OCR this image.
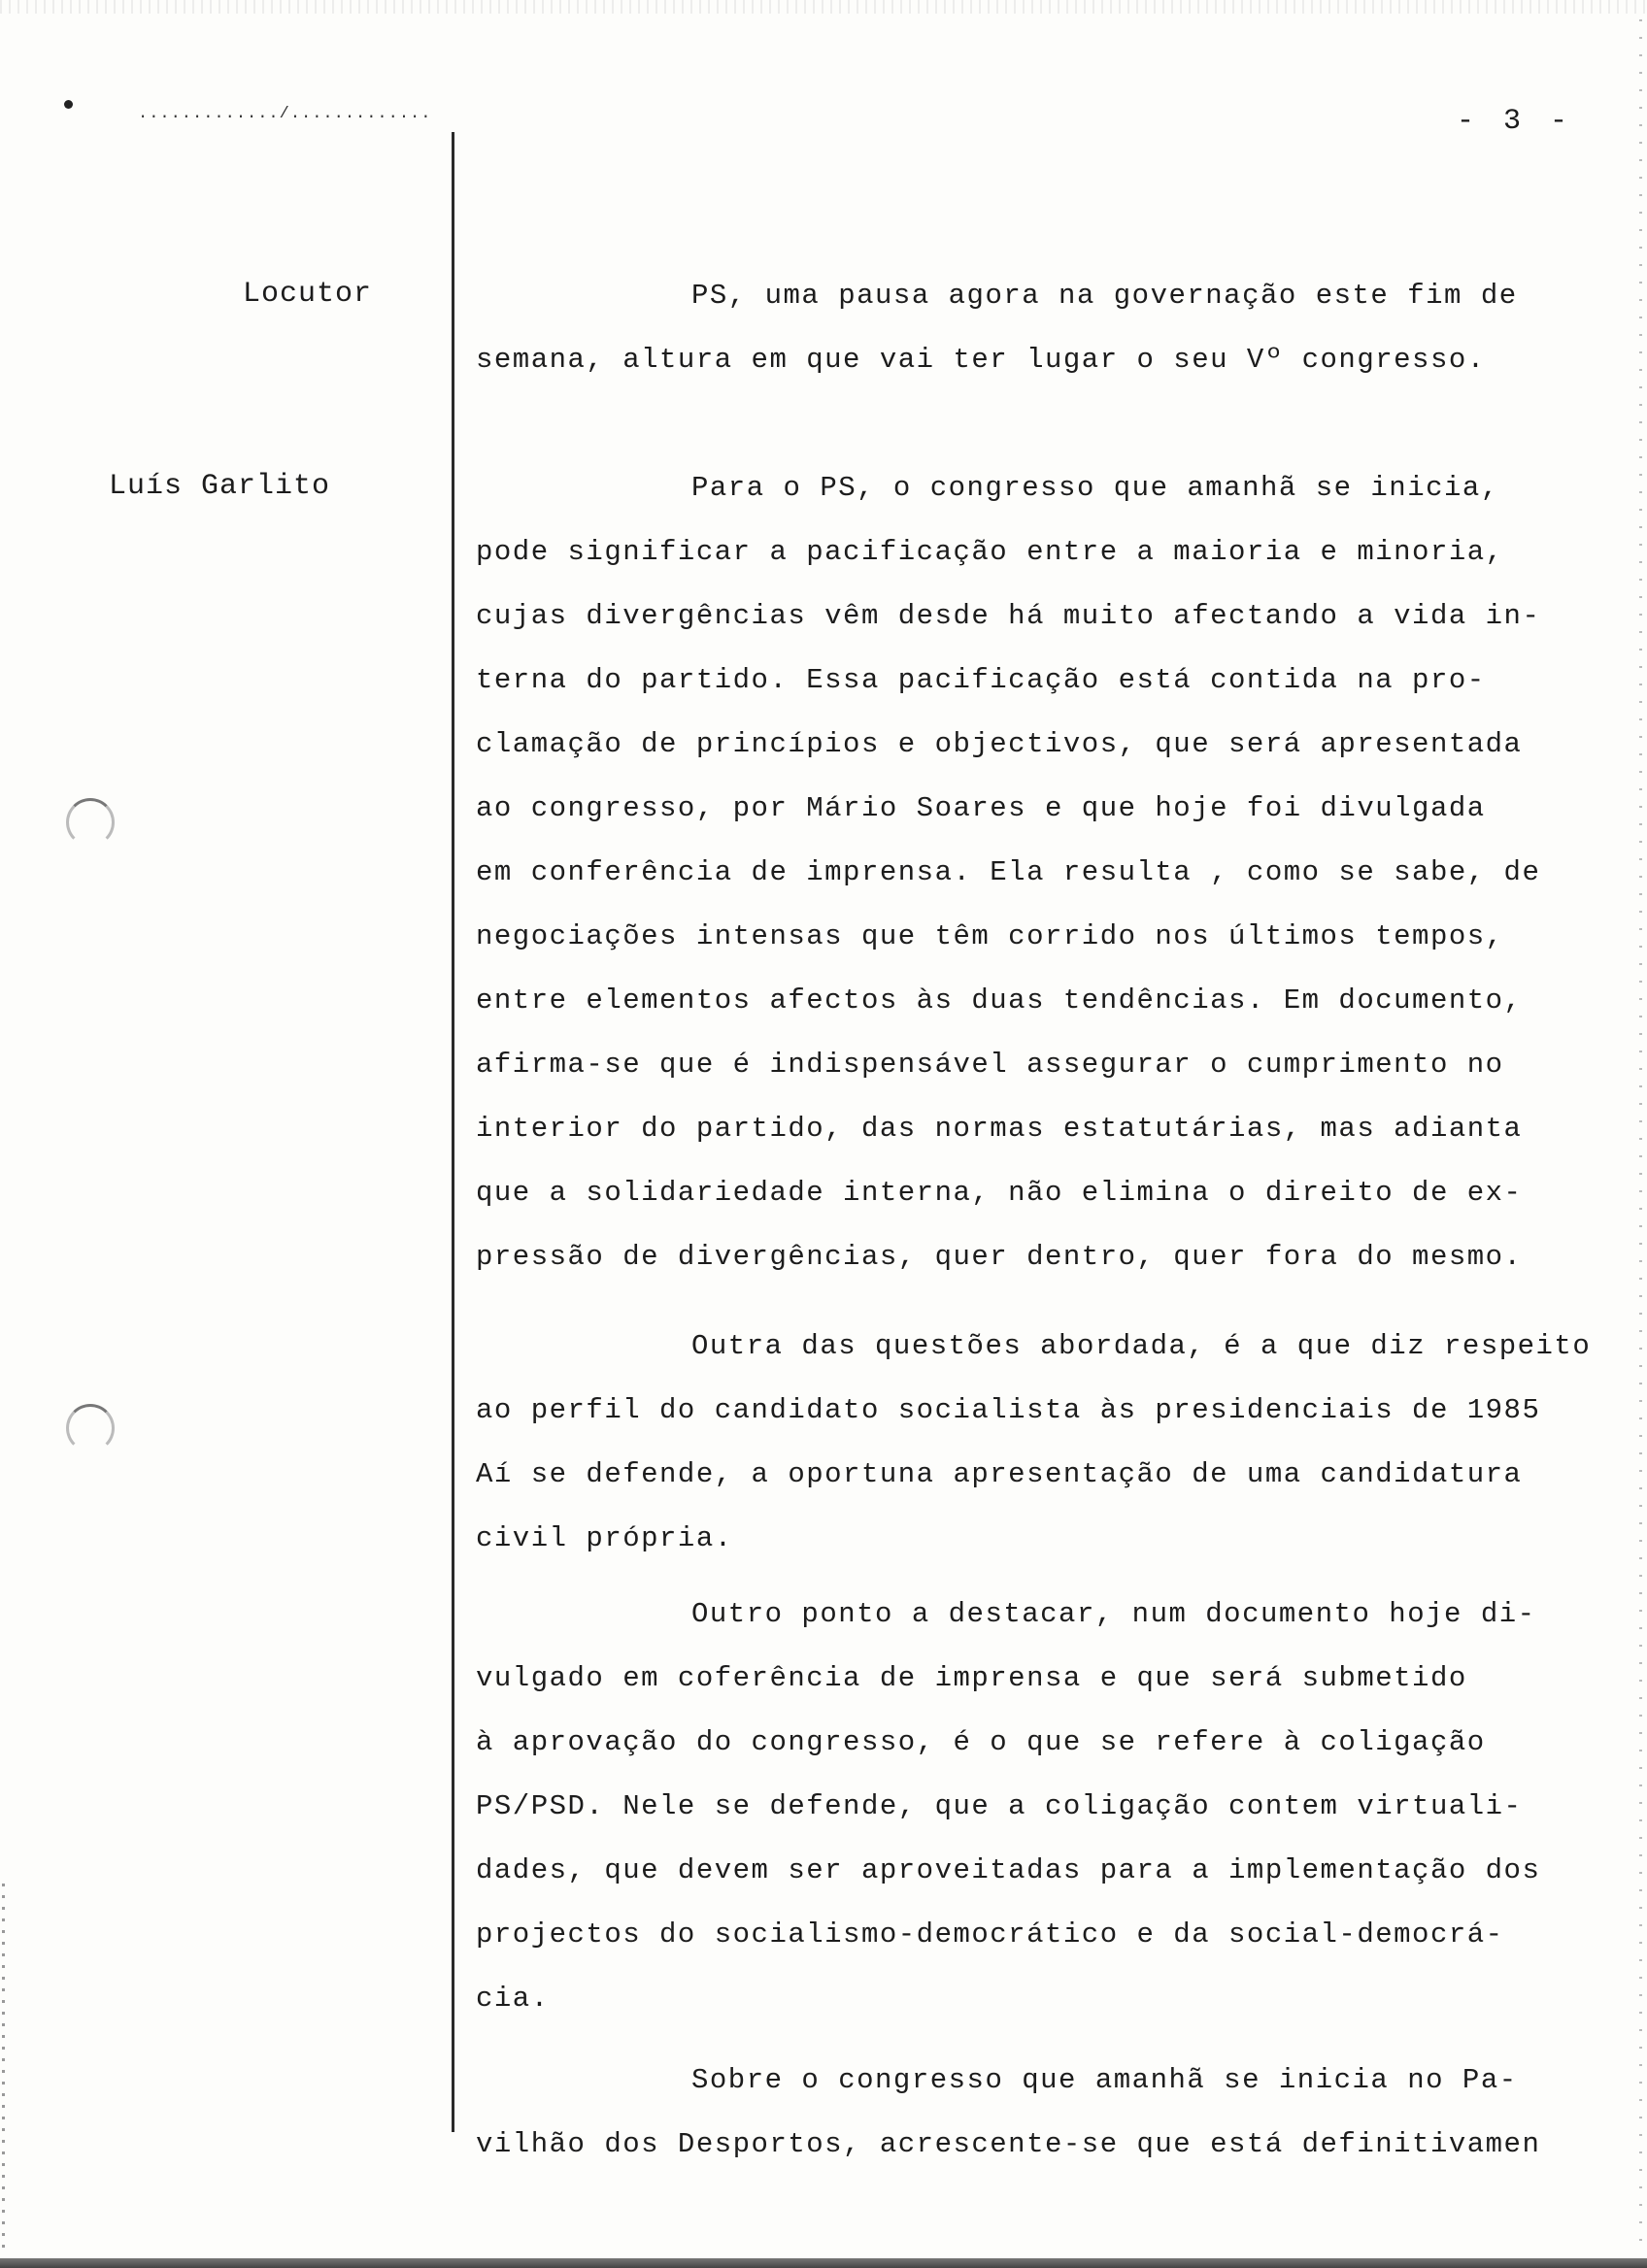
............./.............	- 3 -
Locutor
Luís Garlito
PS, uma pausa agora na governação este fim de
semana, altura em que vai ter lugar o seu Vº congresso.
Para o PS, o congresso que amanhã se inicia,
pode significar a pacificação entre a maioria e minoria,
cujas divergências vêm desde há muito afectando a vida in-
terna do partido. Essa pacificação está contida na pro-
clamação de princípios e objectivos, que será apresentada
ao congresso, por Mário Soares e que hoje foi divulgada
em conferência de imprensa. Ela resulta , como se sabe, de
negociações intensas que têm corrido nos últimos tempos,
entre elementos afectos às duas tendências. Em documento,
afirma-se que é indispensável assegurar o cumprimento no
interior do partido, das normas estatutárias, mas adianta
que a solidariedade interna, não elimina o direito de ex-
pressão de divergências, quer dentro, quer fora do mesmo.
Outra das questões abordada, é a que diz respeito
ao perfil do candidato socialista às presidenciais de 1985
Aí se defende, a oportuna apresentação de uma candidatura
civil própria.
Outro ponto a destacar, num documento hoje di-
vulgado em coferência de imprensa e que será submetido
à aprovação do congresso, é o que se refere à coligação
PS/PSD. Nele se defende, que a coligação contem virtuali-
dades, que devem ser aproveitadas para a implementação dos
projectos do socialismo-democrático e da social-democrá-
cia.
Sobre o congresso que amanhã se inicia no Pa-
vilhão dos Desportos, acrescente-se que está definitivamen
